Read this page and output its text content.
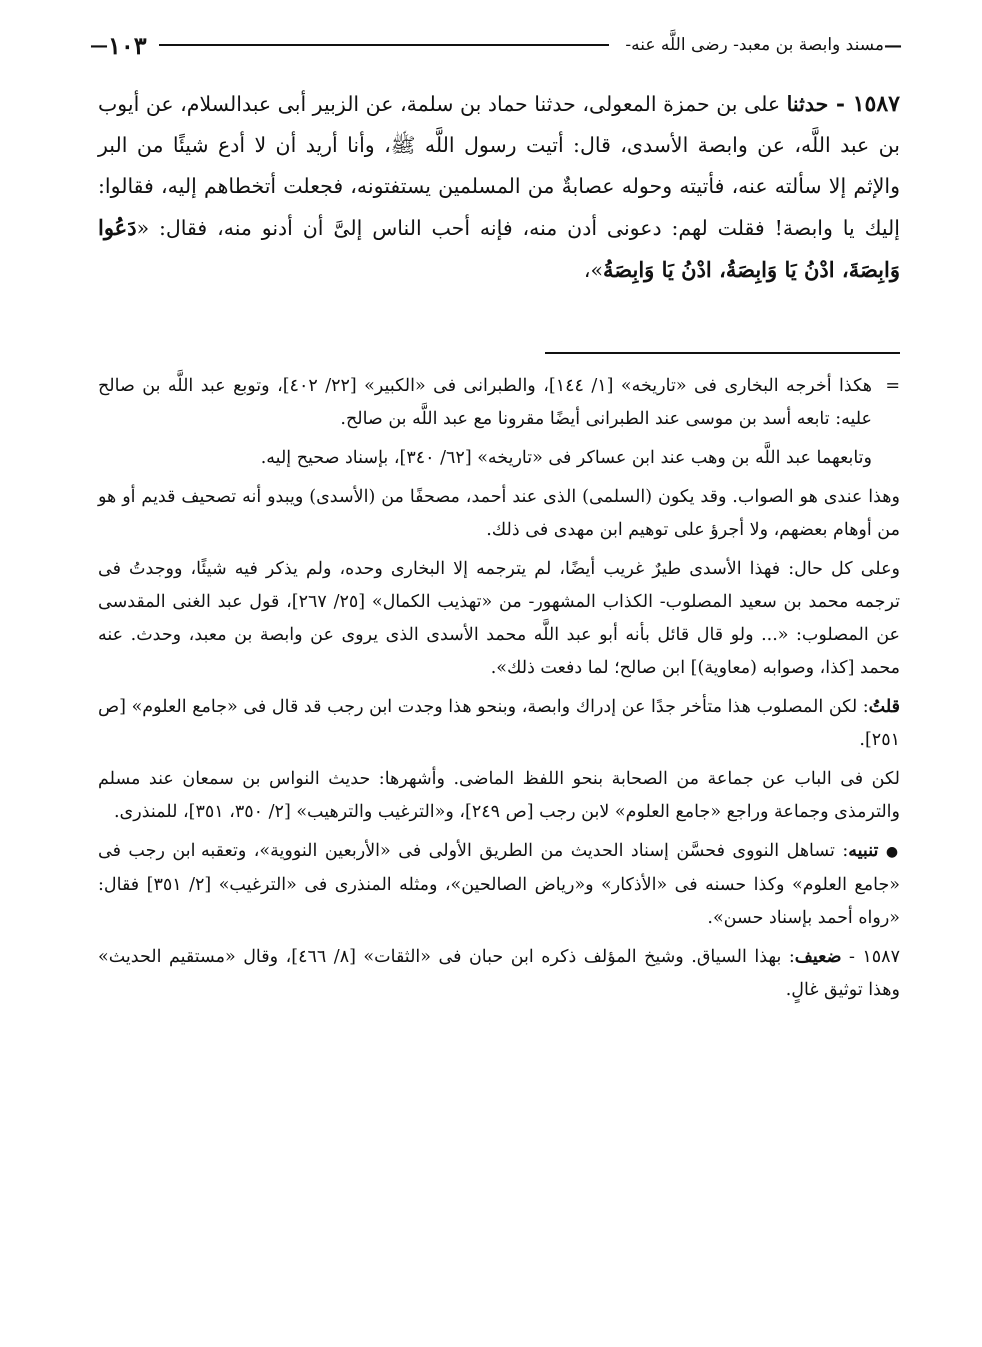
—
مسند وابصة بن معبد- رضى اللَّه عنه-
١٠٣
—
١٥٨٧ - حدثنا على بن حمزة المعولى، حدثنا حماد بن سلمة، عن الزبير أبى عبدالسلام، عن أيوب بن عبد اللَّه، عن وابصة الأسدى، قال: أتيت رسول اللَّه ﷺ، وأنا أريد أن لا أدع شيئًا من البر والإثم إلا سألته عنه، فأتيته وحوله عصابةٌ من المسلمين يستفتونه، فجعلت أتخطاهم إليه، فقالوا: إليك يا وابصة! فقلت لهم: دعونى أدن منه، فإنه أحب الناس إلىَّ أن أدنو منه، فقال: «دَعُوا وَابِصَةَ، ادْنُ يَا وَابِصَةُ، ادْنُ يَا وَابِصَةُ»،
=هكذا أخرجه البخارى فى «تاريخه» [١/ ١٤٤]، والطبرانى فى «الكبير» [٢٢/ ٤٠٢]، وتوبع عبد اللَّه بن صالح عليه: تابعه أسد بن موسى عند الطبرانى أيضًا مقرونا مع عبد اللَّه بن صالح.
وتابعهما عبد اللَّه بن وهب عند ابن عساكر فى «تاريخه» [٦٢/ ٣٤٠]، بإسناد صحيح إليه.
وهذا عندى هو الصواب. وقد يكون (السلمى) الذى عند أحمد، مصحفًا من (الأسدى) ويبدو أنه تصحيف قديم أو هو من أوهام بعضهم، ولا أجرؤ على توهيم ابن مهدى فى ذلك.
وعلى كل حال: فهذا الأسدى طيرٌ غريب أيضًا، لم يترجمه إلا البخارى وحده، ولم يذكر فيه شيئًا، ووجدتُ فى ترجمه محمد بن سعيد المصلوب- الكذاب المشهور- من «تهذيب الكمال» [٢٥/ ٢٦٧]، قول عبد الغنى المقدسى عن المصلوب: «... ولو قال قائل بأنه أبو عبد اللَّه محمد الأسدى الذى يروى عن وابصة بن معبد، وحدث. عنه محمد [كذا، وصوابه (معاوية)] ابن صالح؛ لما دفعت ذلك».
قلتُ: لكن المصلوب هذا متأخر جدًا عن إدراك وابصة، وبنحو هذا وجدت ابن رجب قد قال فى «جامع العلوم» [ص ٢٥١].
لكن فى الباب عن جماعة من الصحابة بنحو اللفظ الماضى. وأشهرها: حديث النواس بن سمعان عند مسلم والترمذى وجماعة وراجع «جامع العلوم» لابن رجب [ص ٢٤٩]، و«الترغيب والترهيب» [٢/ ٣٥٠، ٣٥١]، للمنذرى.
● تنبيه: تساهل النووى فحسَّن إسناد الحديث من الطريق الأولى فى «الأربعين النووية»، وتعقبه ابن رجب فى «جامع العلوم» وكذا حسنه فى «الأذكار» و«رياض الصالحين»، ومثله المنذرى فى «الترغيب» [٢/ ٣٥١] فقال: «رواه أحمد بإسناد حسن».
١٥٨٧ - ضعيف: بهذا السياق. وشيخ المؤلف ذكره ابن حبان فى «الثقات» [٨/ ٤٦٦]، وقال «مستقيم الحديث» وهذا توثيق غالٍ.
